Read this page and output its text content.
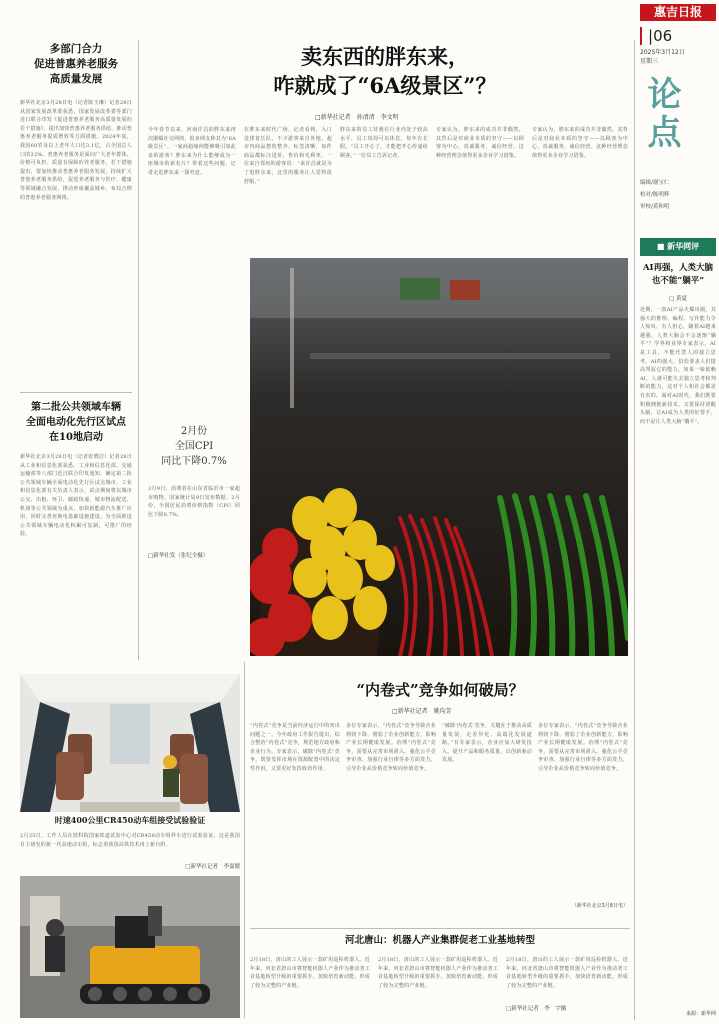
惠吉日报
|06
2025年3月12日
星期三
论点
编辑/谢宝仁
校对/陈明辉
审校/黄和明
多部门合力
促进普惠养老服务
高质量发展
新华社北京3月28日电（记者陈玉琳）记者28日从国家发展改革委获悉，国家发展改革委等部门近日联合印发《促进普惠养老服务高质量发展的若干措施》，提出加快普惠养老服务供给、推动普惠养老服务提质增效等方面措施。2024年底，我国60岁及以上老年人口达3.1亿，占全国总人口的22%。普惠养老服务是面向广大老年群体、价格可负担、质量有保障的养老服务。若干措施提出，要加快推动普惠养老服务发展，持续扩大普惠养老服务供给，促进养老服务与医疗、健康等领域融合发展，推动形成覆盖城乡、布局合理的普惠养老服务网络。
第二批公共领域车辆
全面电动化先行区试点
在10地启动
新华社北京3月28日电（记者张晓洁）记者28日从工业和信息化部获悉，工业和信息化部、交通运输部等八部门近日联合印发通知，确定第二批公共领域车辆全面电动化先行区试点城市。工业和信息化部有关负责人表示，试点期间将以城市公交、出租、环卫、邮政快递、城市物流配送、机场等公共领域为重点，加快新能源汽车推广应用，同时完善充换电基础设施建设，为全面推进公共领域车辆电动化积累可复制、可推广的经验。
卖东西的胖东来，
咋就成了“6A级景区”？
□新华社记者　孙清清　李文明
今年春节以来，河南许昌的胖东来再次刷爆社交网络，很多网友称其为“6A级景区”。一家商超缘何能够吸引如此多的游客？胖东来为什么能够成为一座城市的新名片？带着这些问题，记者走进胖东来一探究竟。
在胖东来时代广场，记者看到，入口处排着长队，不少游客来自外地。超市内商品摆放整齐，标签清晰，每件商品都标注进价、售价和毛利率。一位来自郑州的游客说：“来许昌就是为了逛胖东来，这里的服务让人觉得很舒服。”
胖东来的员工待遇在行业内处于较高水平，员工每周可以休息，每年有长假。“员工开心了，才能把开心传递给顾客。”一位员工告诉记者。
专家认为，胖东来的成功并非偶然，其背后是对商业本质的坚守——以顾客为中心，真诚服务，诚信经营。这种经营理念值得更多企业学习借鉴。
专家认为，胖东来的成功并非偶然，其背后是对商业本质的坚守——以顾客为中心，真诚服务，诚信经营。这种经营理念值得更多企业学习借鉴。
2月份
全国CPI
同比下降0.7%
3月9日，消费者在山东省临沂市一家超市购物。国家统计局9日发布数据，2月份，全国居民消费价格指数（CPI）同比下降0.7%。
□新华社发（张纪全摄）
时速400公里CR450动车组接受试验验证
2月25日，工作人员在铁科院国家铁道试验中心对CR450动车组样车进行试验验证。这是我国自主研发的新一代高速动车组，标志着我国高铁技术再上新台阶。
□新华社记者　李嘉懿
“内卷式”竞争如何破局？
□新华社记者　姚均芳
“内卷式”竞争是当前经济运行中的突出问题之一。今年政府工作报告提出，综合整治“内卷式”竞争，规范地方政府和企业行为。专家表示，破除“内卷式”竞争，既要发挥市场在资源配置中的决定性作用，又要更好发挥政府作用。
多位专家表示，“内卷式”竞争导致企业利润下降，削弱了企业创新能力，影响产业长期健康发展。治理“内卷式”竞争，需要从完善市场准入、强化公平竞争审查、加强行业自律等多方面发力，引导企业从价格竞争转向价值竞争。
“破除‘内卷式’竞争，关键在于推动高质量发展，走差异化、高端化发展道路。”有专家表示，企业应加大研发投入，提升产品和服务质量，以创新驱动发展。
多位专家表示，“内卷式”竞争导致企业利润下降，削弱了企业创新能力，影响产业长期健康发展。治理“内卷式”竞争，需要从完善市场准入、强化公平竞争审查、加强行业自律等多方面发力，引导企业从价格竞争转向价值竞争。
（新华社北京3月8日电）
河北唐山：机器人产业集群促老工业基地转型
2月18日，唐山的工人展示一款矿用巡检机器人。近年来，河北省唐山市将智能机器人产业作为推动老工业基地转型升级的重要抓手，加快培育新动能，形成了较为完整的产业链。
2月18日，唐山的工人展示一款矿用巡检机器人。近年来，河北省唐山市将智能机器人产业作为推动老工业基地转型升级的重要抓手，加快培育新动能，形成了较为完整的产业链。
2月18日，唐山的工人展示一款矿用巡检机器人。近年来，河北省唐山市将智能机器人产业作为推动老工业基地转型升级的重要抓手，加快培育新动能，形成了较为完整的产业链。
□新华社记者　李　宇摄
■ 新华网评
AI再强，人类大脑
也不能“躺平”
□ 黄夏
近期，一款AI产品火爆出圈，其强大的推理、编程、写作能力令人惊叹。有人担心，随着AI越来越强，人类大脑会不会逐渐“躺平”？学界和业界专家表示，AI是工具，不能代替人的独立思考。AI的强大，恰恰要求人们提高驾驭它的能力。如果一味依赖AI，人就可能失去独立思考和判断的能力，这对个人和社会都是有害的。面对AI时代，我们既要积极拥抱新技术，又要保持清醒头脑，让AI成为人类的好帮手，而不是让人类大脑“躺平”。
来源：新华网
